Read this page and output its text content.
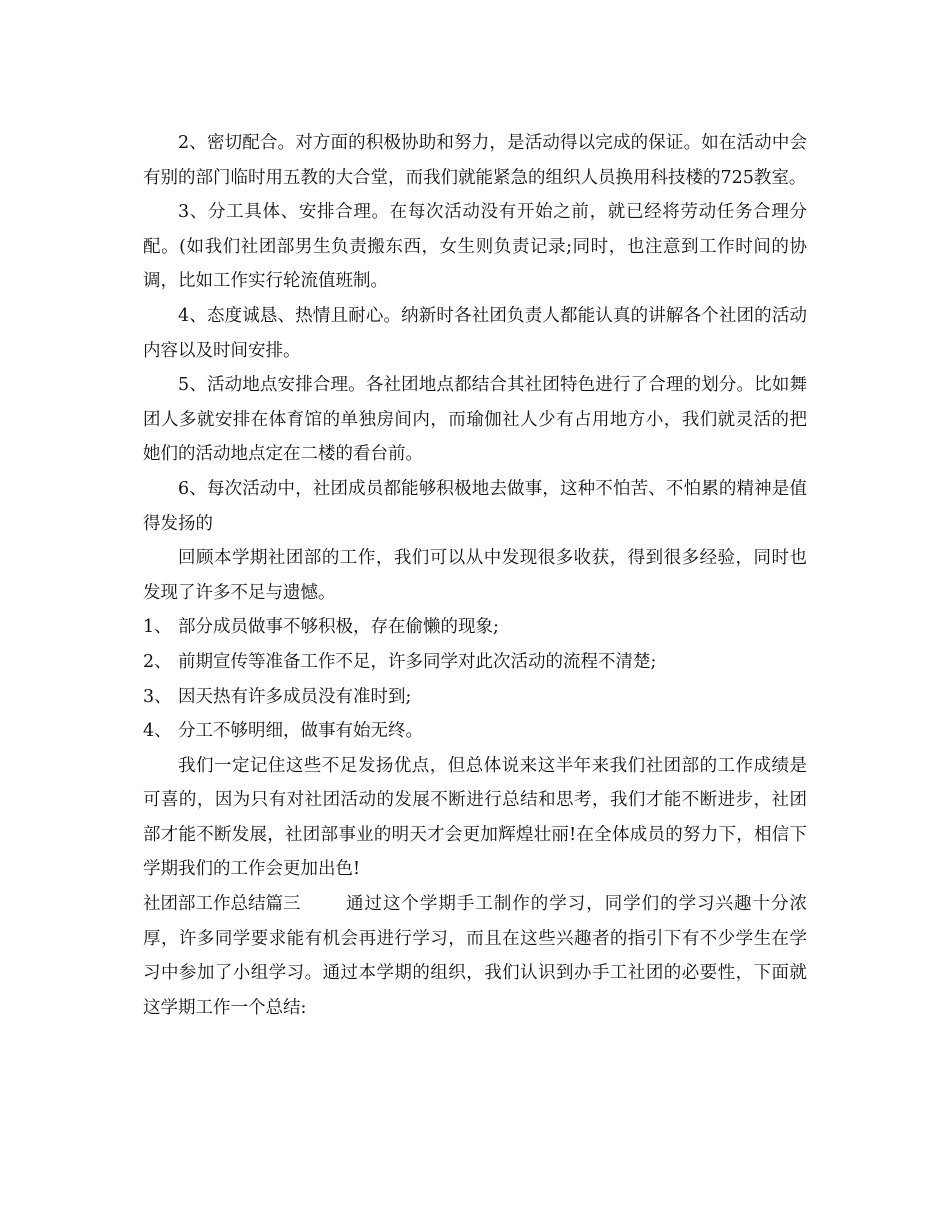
2、密切配合。对方面的积极协助和努力，是活动得以完成的保证。如在活动中会有别的部门临时用五教的大合堂，而我们就能紧急的组织人员换用科技楼的725教室。

3、分工具体、安排合理。在每次活动没有开始之前，就已经将劳动任务合理分配。(如我们社团部男生负责搬东西，女生则负责记录;同时，也注意到工作时间的协调，比如工作实行轮流值班制。

4、态度诚恳、热情且耐心。纳新时各社团负责人都能认真的讲解各个社团的活动内容以及时间安排。

5、活动地点安排合理。各社团地点都结合其社团特色进行了合理的划分。比如舞团人多就安排在体育馆的单独房间内，而瑜伽社人少有占用地方小，我们就灵活的把她们的活动地点定在二楼的看台前。

6、每次活动中，社团成员都能够积极地去做事，这种不怕苦、不怕累的精神是值得发扬的

回顾本学期社团部的工作，我们可以从中发现很多收获，得到很多经验，同时也发现了许多不足与遗憾。

1、 部分成员做事不够积极，存在偷懒的现象;

2、 前期宣传等准备工作不足，许多同学对此次活动的流程不清楚;

3、 因天热有许多成员没有准时到;

4、 分工不够明细，做事有始无终。

我们一定记住这些不足发扬优点，但总体说来这半年来我们社团部的工作成绩是可喜的，因为只有对社团活动的发展不断进行总结和思考，我们才能不断进步，社团部才能不断发展，社团部事业的明天才会更加辉煌壮丽!在全体成员的努力下，相信下学期我们的工作会更加出色!

社团部工作总结篇三	通过这个学期手工制作的学习，同学们的学习兴趣十分浓厚，许多同学要求能有机会再进行学习，而且在这些兴趣者的指引下有不少学生在学习中参加了小组学习。通过本学期的组织，我们认识到办手工社团的必要性，下面就这学期工作一个总结:
